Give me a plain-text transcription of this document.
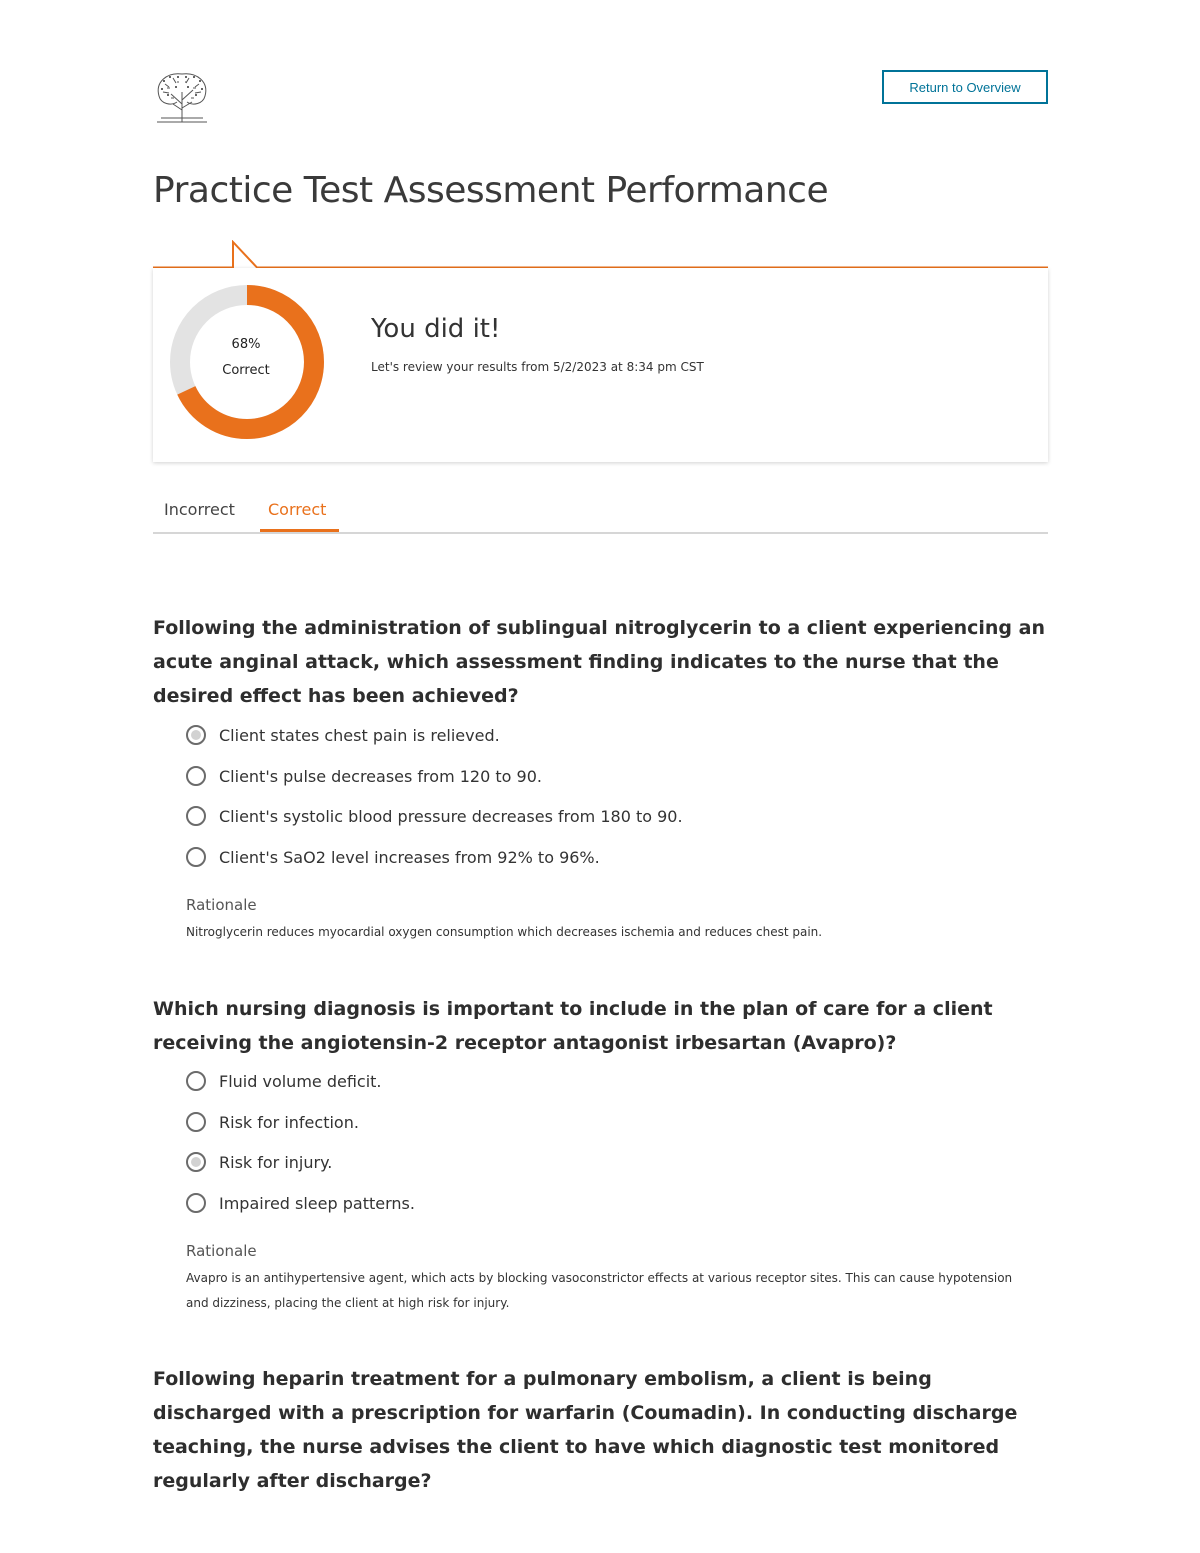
Return to Overview
Practice Test Assessment Performance
68%
Correct
You did it!
Let's review your results from 5/2/2023 at 8:34 pm CST
Incorrect Correct

Following the administration of sublingual nitroglycerin to a client experiencing an acute anginal attack, which assessment finding indicates to the nurse that the desired effect has been achieved?

Client states chest pain is relieved.
Client's pulse decreases from 120 to 90.
Client's systolic blood pressure decreases from 180 to 90.
Client's SaO2 level increases from 92% to 96%.
Rationale
Nitroglycerin reduces myocardial oxygen consumption which decreases ischemia and reduces chest pain.

Which nursing diagnosis is important to include in the plan of care for a client receiving the angiotensin-2 receptor antagonist irbesartan (Avapro)?

Fluid volume deficit.
Risk for infection.
Risk for injury.
Impaired sleep patterns.
Rationale
Avapro is an antihypertensive agent, which acts by blocking vasoconstrictor effects at various receptor sites. This can cause hypotension and dizziness, placing the client at high risk for injury.

Following heparin treatment for a pulmonary embolism, a client is being discharged with a prescription for warfarin (Coumadin). In conducting discharge teaching, the nurse advises the client to have which diagnostic test monitored regularly after discharge?
